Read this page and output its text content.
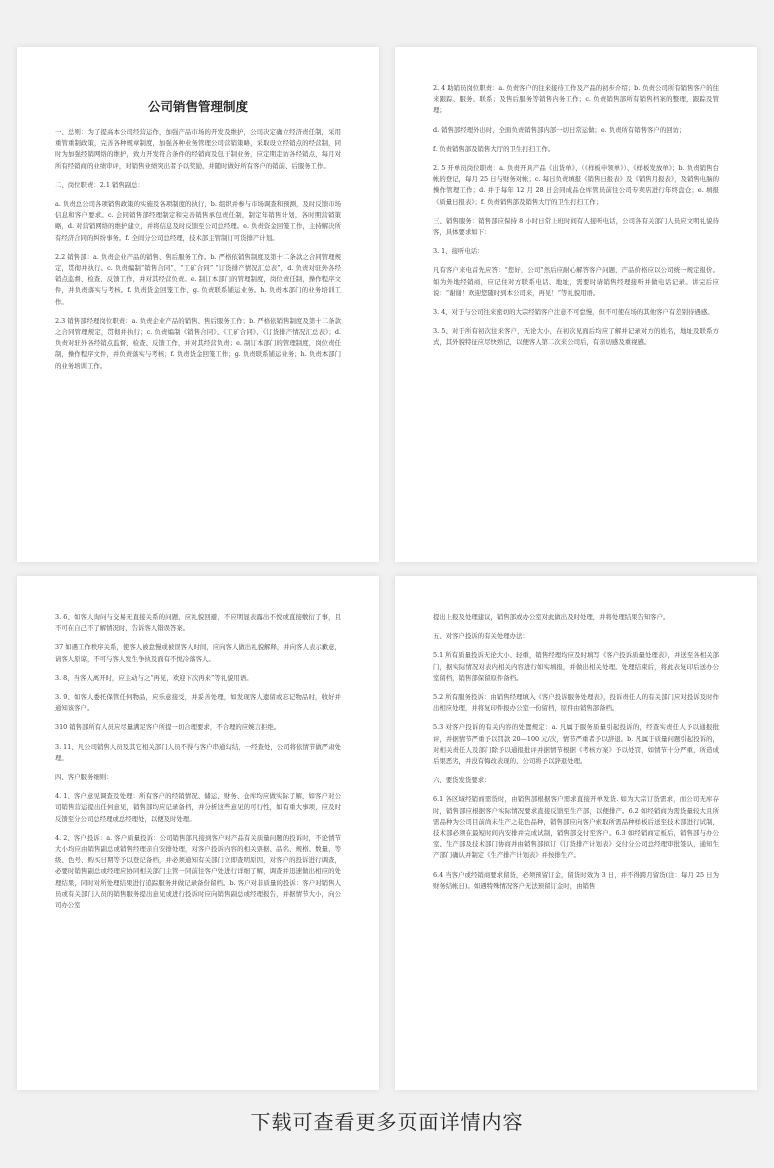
公司销售管理制度

一、总则：为了提高本公司经营运作，加强产品市场的开发及维护，公司决定确立经济责任制，采用重管重制政策，完善各种规章制度，加强各种业务管理公司营销策略，采取设立经销点的经营制，同时为加强经销网络的维护，致力开发符合条件的经销商及包干制业务，应定期走访各经销点，每月对所有经销商的业绩审评，对销售业绩突出者予以奖励，并随时做好所有客户的销前、后服务工作。

二、岗位职责：2.1 销售副总：

a. 负责总公司各项销售政策的实施及各项制度的执行，b. 组织并参与市场调查和预测，及时反馈市场信息和客户要求。c. 会同销售部经理制定和完善销售承包责任制，制定年销售计划，各时期营销策略，d. 对营销网络的维护建立，并将信息及时反馈至公司总经理。e. 负责资金回笼工作，主持解决所有经济合同的纠纷事务。f. 全间分公司总经理，技术部主管制订可货排产计划。

2.2 销售部：a. 负责企业产品的销售、售后服务工作。b. 严格依销售制度及第十二条款之合同管理规定，贯彻并执行。c. 负责编制“销售合同”，“工矿合同” “订货排产情况汇总表”，d. 负责对驻外各经销点监督、检查、反馈工作，并对其经营负责。e. 制订本部门的管理制度，岗位责任制，操作程序文件，并负责落实与考核。f. 负责货金回笼工作，g. 负责联系铺运业务。h. 负责本部门的业务培训工作。

2.3 销售部经理岗位职责：a. 负责企业产品的销售、售后服务工作；b. 严格依销售制度及第十二条款之合同管理规定，贯彻并执行；c. 负责编制《销售合同》、《工矿合同》、《订货排产情况汇总表》；d. 负责对驻外各经销点监督、检查、反馈工作，并对其经营负责；e. 制订本部门的管理制度，岗位责任制，操作程序文件，并负责落实与考核；f. 负责货金回笼工作；g. 负责联系铺运业务；h. 负责本部门的业务培训工作。

2. 4 助销员岗位职责：a. 负责客户的往来接待工作及产品的初步介绍；b. 负责公司所有销售客户的往来跟踪、服务、联系；及售后服务等销售内务工作；c. 负责销售部所有销售档案的整理，跟踪及管理；

d. 销售部经理外出时，全面负责销售部内部一切日常运做；e. 负责所有销售客户的回访；

f. 负责销售部及销售大厅的卫生打扫工作。

2. 5 开单员岗位职责：a. 负责开具产品《出货单》、（《样板申领单》）、《样板发放单》；b. 负责销售台帐的登记，每月 25 日与财务对帐；c. 每日负责填报《销售日报表》及《销售月报表》，及销售电脑的操作管理工作；d. 并于每年 12 月 28 日会同成品仓库管员前往公司专卖店进行年终盘仓；e. 填报《质量日报表》；f. 负责销售部及销售大厅的卫生打扫工作；

三、销售服务：销售部应保持 8 小时日常上班时间有人接听电话，公司各有关部门人员应文明礼貌待客，具体要求如下：

3. 1、接听电话：

凡有客户来电首先应答：“您好，公司”然后应耐心解答客户问题，产品价格应以公司统一规定报价。如为外地经销商，应记住对方联系电话、地址，需要时请销售经理接听并做电话记录。讲完后应说：“谢谢！欢迎您随时到本公司来，再见！”等礼貌用语。

3. 4、对于与公司往来密切的大宗经销客户注意不可怠慢，但不可使在场的其他客户有差别待遇感。

3. 5、对于所有初次往来客户，无论大小，在初次见面后均应了解并记录对方的姓名，地址及联系方式，其外貌特征应尽快熟记，以便客人第二次来公司后，有亲切感及重视感。

3. 6、如客人询问与交易无直接关系的问题，应礼貌回避，不应明显表露出不悦或直接敷衍了事，且不可在自己不了解情况时，告诉客人错误答案。

37 如遇工作秩序关系，使客人被怠慢或被误客人时间，应向客人做出礼貌解释，并向客人表示歉意，请客人原谅，不可与客人发生争执及面有不悦冷落客人。

3. 8、当客人离开时，应主动与之“再见，欢迎下次再来”等礼貌用语。

3. 9、如客人委托保管任何物品，应乐意接受，并妥善处理，如发现客人遗留或忘记物品时，收好并通知该客户。

310 销售部所有人员应尽量满足客户所提一切合理要求，不合理的应婉言拒绝。

3. 11、凡公司销售人员及其它相关部门人员不得与客户串通勾结，一经查处，公司将依情节做严肃处理。

四、客户服务细则：

4. 1、客户意见调查及处理：所有客户的经销情况、储运、财务、仓库均应做实际了解，如客户对公司销售营运提出任何意见，销售部均应记录备档，并分析这些意见的可行性，如有重大事项，应及时反馈至分公司总经理或总经理处，以便及时处理。

4. 2、客户投诉：a. 客户质量投诉：公司销售部凡接到客户对产品有关质量问题的投诉时，不论情节大小均应由销售副总或销售经理亲自安排处理，对客户投诉内容的相关票据、品名、规格、数量、等级、色号、购买日期等予以登记备档，并必须通知有关部门立即查明原因，对客户的投诉进行调查，必要时销售副总或经理应协同相关部门主管一同前往客户处进行详细了解，调查并迅速做出相应的处理结果，同时对所处理结果进行追踪服务并做记录备份留档。b. 客户对非质量的投诉：客户对销售人员或有关部门人员的销售服务提出意见或进行投诉时应向销售副总或经理报告，并据情节大小，向公司办公室

提出上报及处理建议，销售部或办公室对此做出及时处理，并将处理结果告知客户。

五、对客户投诉的有关处理办法：

5.1 所有质量投诉无论大小、轻重，销售经理均应及时填写《客户投诉质量处理表》，并送至各相关部门，据实际情况对表内相关内容进行如实填报，并做出相关处理。处理结束后，将此表复印后送办公室留档，销售部保留原件备档。

5.2 所有服务投诉：由销售经理填入《客户投诉服务处理表》，投诉责任人的有关部门应对投诉及时作出相应处理，并将复印件报办公室一份留档，原件由销售部备档。

5.3 对客户投诉的有关内容的处置规定：a. 凡属于服务质量引起投诉的，经查实责任人予以通报批评，并据情节严重予以罚款 20—100 元/次，情节严重者予以辞退。b. 凡属于质量问题引起投诉的，对相关责任人及部门除予以通报批评并据情节根据《考核方案》予以处罚，如情节十分严重，所造成后果恶劣，并没有悔改表现的，公司将予以辞退处理。

六、要货发货要求：

6.1 各区域经销商需货时，由销售部根据客户需求直接开单发货. 如为大宗订货需求，而公司无库存时，销售部应根据客户实际情况要求直接反馈至生产部，以便排产。6.2 如经销商为需货量较大且所需品种为公司目前尚未生产之花色品种，销售部应向客户索取所需品种样板后送至技术部进行试制，技术部必须在最短时间内安排并完成试制，销售部交付至客户。6.3 如经销商定板后，销售部与办公室、生产部及技术部门协商并由销售部拟订《订货排产计划表》交付分公司总经理审批签认，通知生产部门确认并制定《生产排产计划表》并按排生产。

6.4 当客户或经销商要求留货，必须预留订金，留货时效为 3 日，并不得跨月留货(注：每月 25 日为财务结帐日)。如遇特殊情况客户无法预留订金时，由销售

下载可查看更多页面详情内容
